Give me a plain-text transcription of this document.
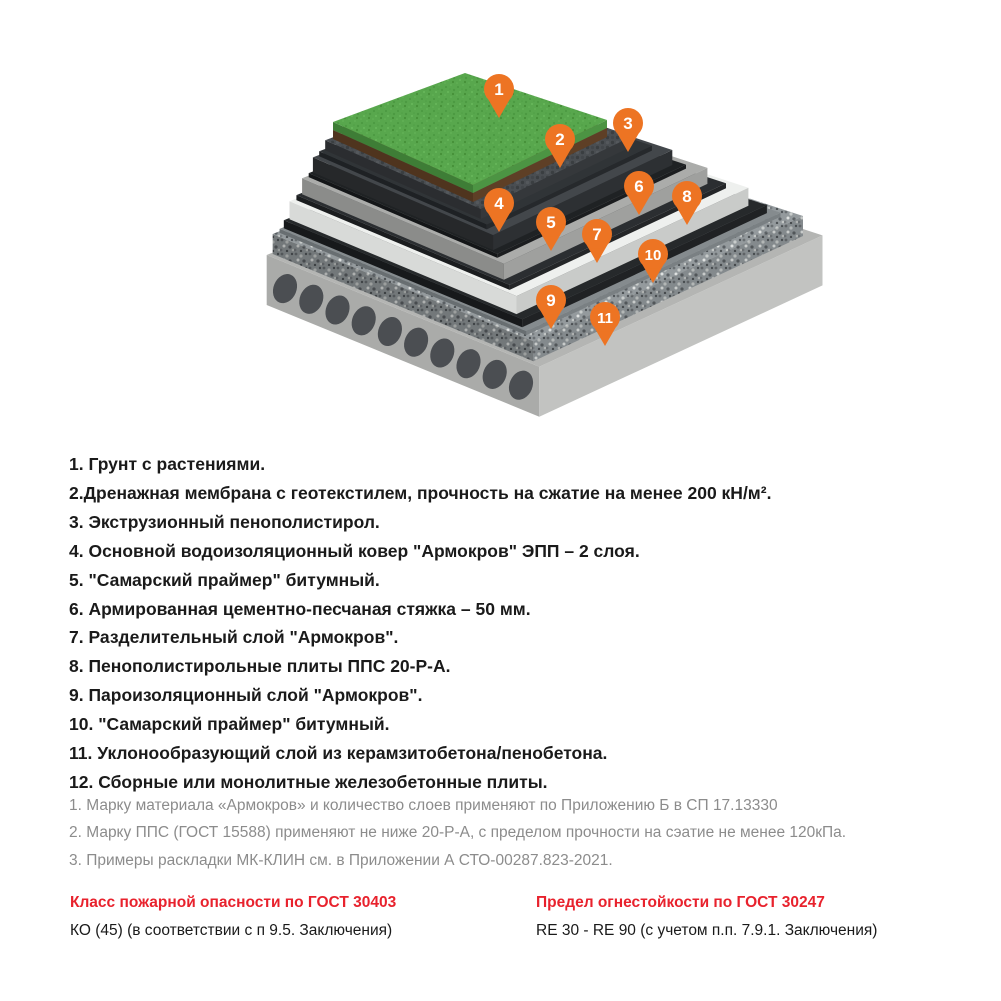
1
2
3
4
5
6
7
8
9
10
11
1. Грунт с растениями.
2.Дренажная мембрана с геотекстилем, прочность на сжатие на менее 200 кН/м².
3. Экструзионный пенополистирол.
4. Основной водоизоляционный ковер "Армокров" ЭПП – 2 слоя.
5. "Самарский праймер" битумный.
6. Армированная цементно-песчаная стяжка – 50 мм.
7. Разделительный слой "Армокров".
8. Пенополистирольные плиты ППС 20-Р-А.
9. Пароизоляционный слой "Армокров".
10. "Самарский праймер" битумный.
11. Уклонообразующий слой из керамзитобетона/пенобетона.
12. Сборные или монолитные железобетонные плиты.
1. Марку материала «Армокров» и количество слоев применяют по Приложению Б в СП 17.13330
2. Марку ППС (ГОСТ 15588) применяют не ниже 20-Р-А, с пределом прочности на сэатие не менее 120кПа.
3. Примеры раскладки МК-КЛИН см. в Приложении А СТО-00287.823-2021.
Класс пожарной опасности по ГОСТ 30403
КО (45) (в соответствии с п 9.5. Заключения)
Предел огнестойкости по ГОСТ 30247
RE 30 - RE 90 (с учетом п.п. 7.9.1. Заключения)
